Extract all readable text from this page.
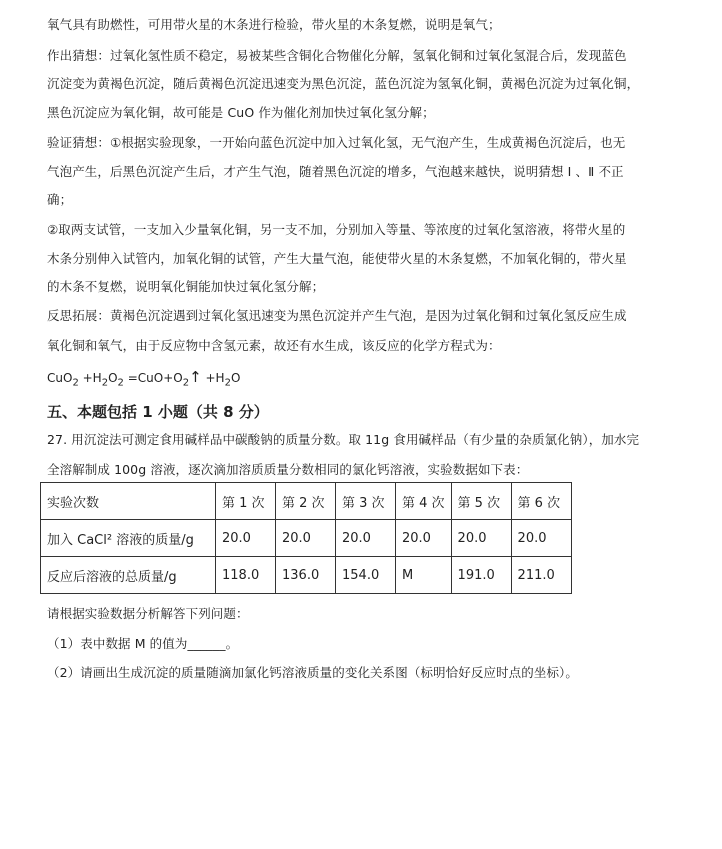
氧气具有助燃性，可用带火星的木条进行检验，带火星的木条复燃，说明是氧气；
作出猜想：过氧化氢性质不稳定，易被某些含铜化合物催化分解，氢氧化铜和过氧化氢混合后，发现蓝色
沉淀变为黄褐色沉淀，随后黄褐色沉淀迅速变为黑色沉淀，蓝色沉淀为氢氧化铜，黄褐色沉淀为过氧化铜，
黑色沉淀应为氧化铜，故可能是 CuO 作为催化剂加快过氧化氢分解；
验证猜想：①根据实验现象，一开始向蓝色沉淀中加入过氧化氢，无气泡产生，生成黄褐色沉淀后，也无
气泡产生，后黑色沉淀产生后，才产生气泡，随着黑色沉淀的增多，气泡越来越快，说明猜想 Ⅰ 、Ⅱ 不正
确；
②取两支试管，一支加入少量氧化铜，另一支不加，分别加入等量、等浓度的过氧化氢溶液，将带火星的
木条分别伸入试管内，加氧化铜的试管，产生大量气泡，能使带火星的木条复燃，不加氧化铜的，带火星
的木条不复燃，说明氧化铜能加快过氧化氢分解；
反思拓展：黄褐色沉淀遇到过氧化氢迅速变为黑色沉淀并产生气泡，是因为过氧化铜和过氧化氢反应生成
氧化铜和氧气，由于反应物中含氢元素，故还有水生成，该反应的化学方程式为：
$CuO_2 +H_2O_2$ $=CuO+O_2↑ +H_2O$
五、本题包括 1 小题（共 8 分）
27. 用沉淀法可测定食用碱样品中碳酸钠的质量分数。取 11g 食用碱样品（有少量的杂质氯化钠），加水完
全溶解制成 100g 溶液，逐次滴加溶质质量分数相同的氯化钙溶液，实验数据如下表：
实验次数	第 1 次	第 2 次	第 3 次	第 4 次	第 5 次	第 6 次
加入 CaCl² 溶液的质量/g	20.0	20.0	20.0	20.0	20.0	20.0
反应后溶液的总质量/g	118.0	136.0	154.0	M	191.0	211.0
请根据实验数据分析解答下列问题：
（1）表中数据 M 的值为______。
（2）请画出生成沉淀的质量随滴加氯化钙溶液质量的变化关系图（标明恰好反应时点的坐标）。
